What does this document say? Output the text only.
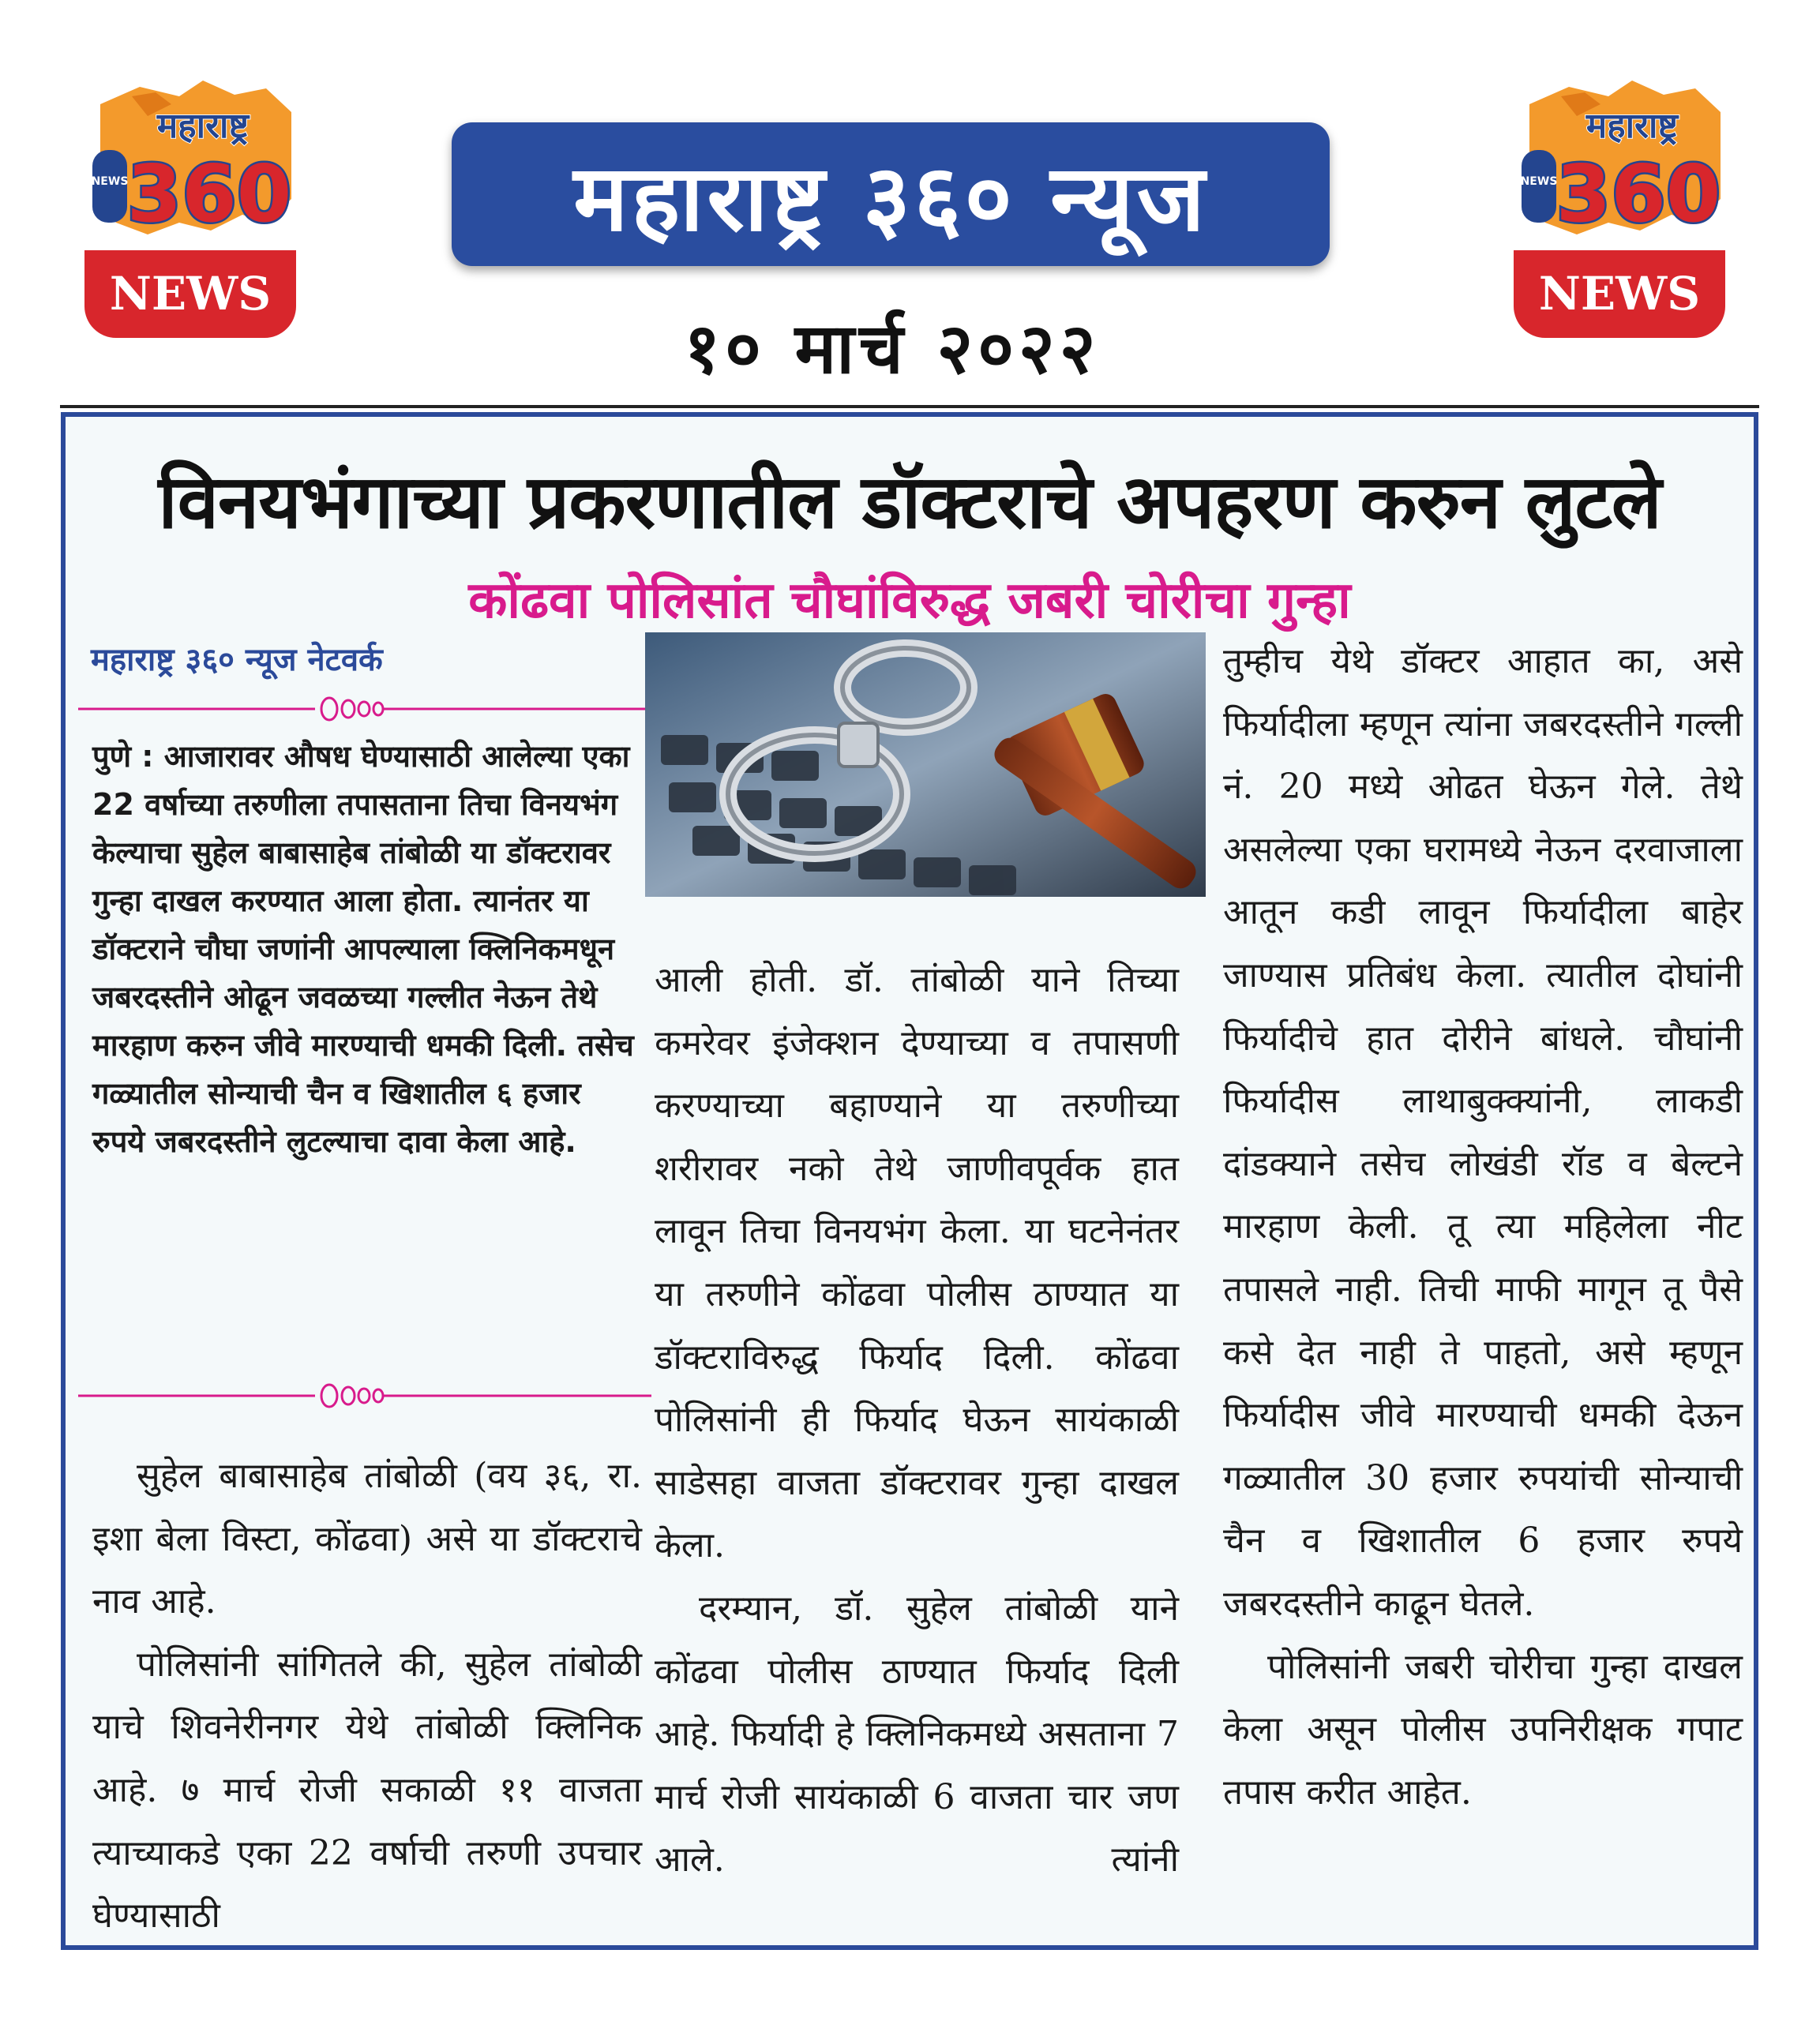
महाराष्ट्र
360
NEWS
NEWS
महाराष्ट्र
360
NEWS
NEWS
महाराष्ट्र ३६० न्यूज
१० मार्च २०२२
विनयभंगाच्या प्रकरणातील डॉक्टराचे अपहरण करुन लुटले
कोंढवा पोलिसांत चौघांविरुद्ध जबरी चोरीचा गुन्हा
महाराष्ट्र ३६० न्यूज नेटवर्क
पुणे : आजारावर औषध घेण्यासाठी आलेल्या एका 22 वर्षाच्या तरुणीला तपासताना तिचा विनयभंग केल्याचा सुहेल बाबासाहेब तांबोळी या डॉक्टरावर गुन्हा दाखल करण्यात आला होता. त्यानंतर या डॉक्टराने चौघा जणांनी आपल्याला क्लिनिकमधून जबरदस्तीने ओढून जवळच्या गल्लीत नेऊन तेथे मारहाण करुन जीवे मारण्याची धमकी दिली. तसेच गळ्यातील सोन्याची चैन व खिशातील ६ हजार रुपये जबरदस्तीने लुटल्याचा दावा केला आहे.

सुहेल बाबासाहेब तांबोळी (वय ३६, रा. इशा बेला विस्टा, कोंढवा) असे या डॉक्टराचे नाव आहे.

पोलिसांनी सांगितले की, सुहेल तांबोळी याचे शिवनेरीनगर येथे तांबोळी क्लिनिक आहे. ७ मार्च रोजी सकाळी ११ वाजता त्याच्याकडे एका 22 वर्षाची तरुणी उपचार घेण्यासाठी

आली होती. डॉ. तांबोळी याने तिच्या कमरेवर इंजेक्शन देण्याच्या व तपासणी करण्याच्या बहाण्याने या तरुणीच्या शरीरावर नको तेथे जाणीवपूर्वक हात लावून तिचा विनयभंग केला. या घटनेनंतर या तरुणीने कोंढवा पोलीस ठाण्यात या डॉक्टराविरुद्ध फिर्याद दिली. कोंढवा पोलिसांनी ही फिर्याद घेऊन सायंकाळी साडेसहा वाजता डॉक्टरावर गुन्हा दाखल केला.

दरम्यान, डॉ. सुहेल तांबोळी याने कोंढवा पोलीस ठाण्यात फिर्याद दिली आहे. फिर्यादी हे क्लिनिकमध्ये असताना 7 मार्च रोजी सायंकाळी 6 वाजता चार जण आले. त्यांनी

तुम्हीच येथे डॉक्टर आहात का, असे फिर्यादीला म्हणून त्यांना जबरदस्तीने गल्ली नं. 20 मध्ये ओढत घेऊन गेले. तेथे असलेल्या एका घरामध्ये नेऊन दरवाजाला आतून कडी लावून फिर्यादीला बाहेर जाण्यास प्रतिबंध केला. त्यातील दोघांनी फिर्यादीचे हात दोरीने बांधले. चौघांनी फिर्यादीस लाथाबुक्क्यांनी, लाकडी दांडक्याने तसेच लोखंडी रॉड व बेल्टने मारहाण केली. तू त्या महिलेला नीट तपासले नाही. तिची माफी मागून तू पैसे कसे देत नाही ते पाहतो, असे म्हणून फिर्यादीस जीवे मारण्याची धमकी देऊन गळ्यातील 30 हजार रुपयांची सोन्याची चैन व खिशातील 6 हजार रुपये जबरदस्तीने काढून घेतले.

पोलिसांनी जबरी चोरीचा गुन्हा दाखल केला असून पोलीस उपनिरीक्षक गपाट तपास करीत आहेत.
